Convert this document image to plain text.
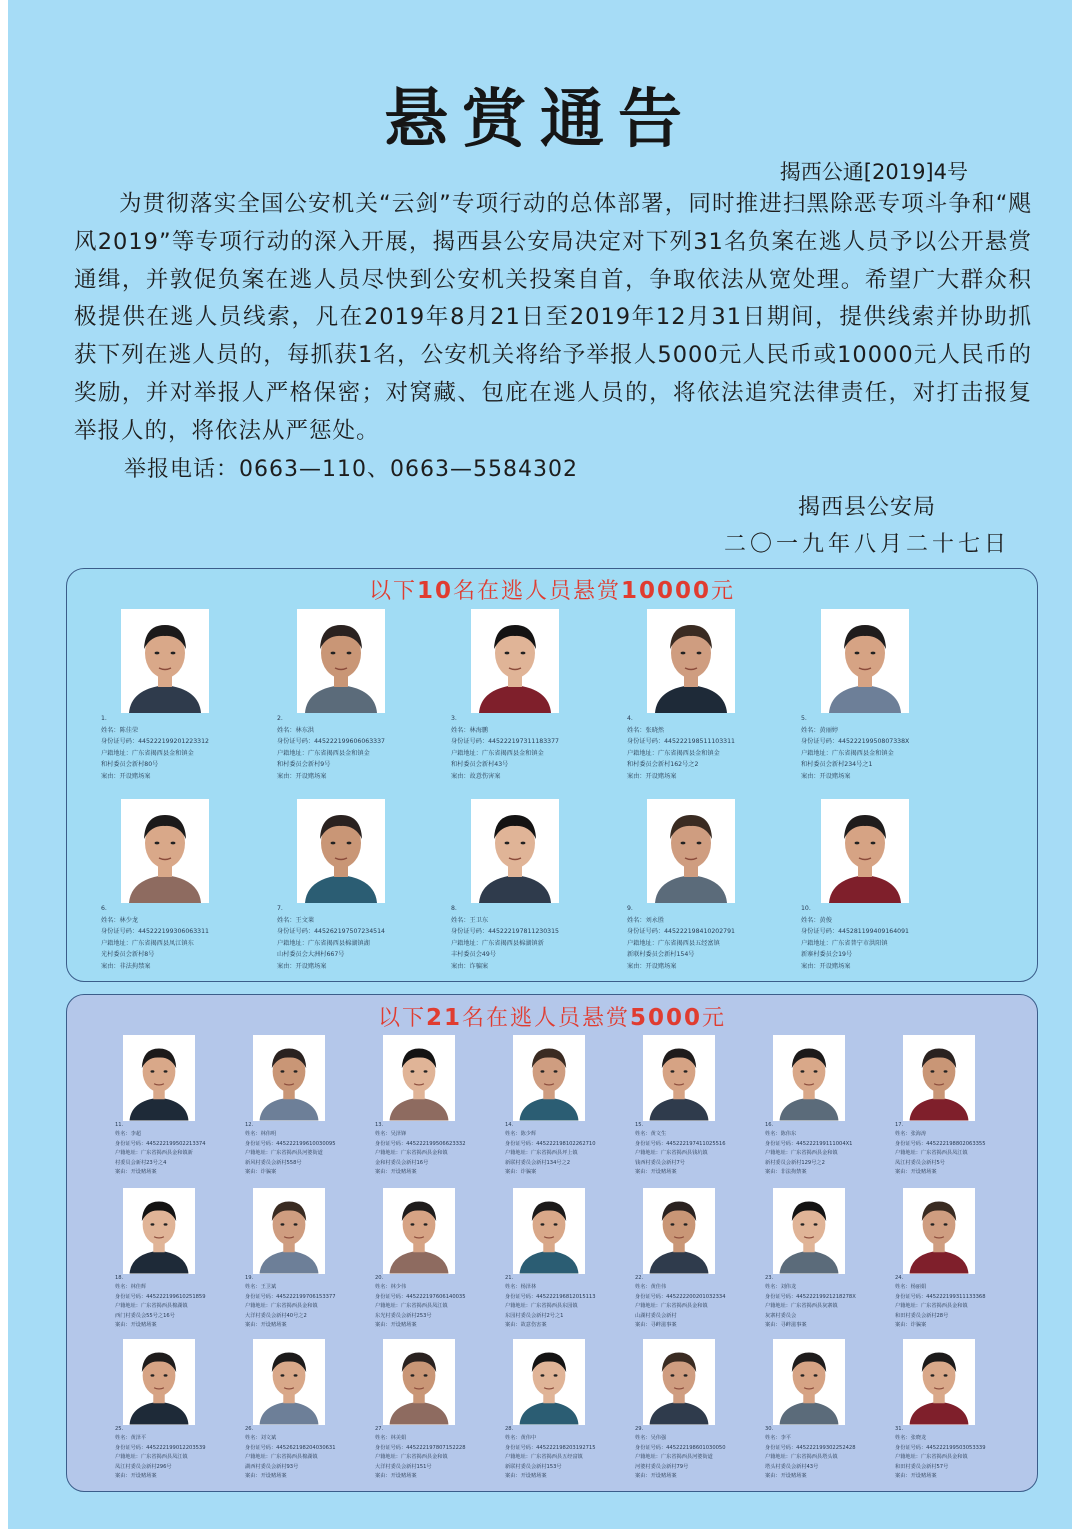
悬赏通告
揭西公通[2019]4号
为贯彻落实全国公安机关“云剑”专项行动的总体部署，同时推进扫黑除恶专项斗争和“飓风2019”等专项行动的深入开展，揭西县公安局决定对下列31名负案在逃人员予以公开悬赏通缉，并敦促负案在逃人员尽快到公安机关投案自首，争取依法从宽处理。希望广大群众积极提供在逃人员线索，凡在2019年8月21日至2019年12月31日期间，提供线索并协助抓获下列在逃人员的，每抓获1名，公安机关将给予举报人5000元人民币或10000元人民币的奖励，并对举报人严格保密；对窝藏、包庇在逃人员的，将依法追究法律责任，对打击报复举报人的，将依法从严惩处。
举报电话：0663—110、0663—5584302
揭西县公安局
二〇一九年八月二十七日
以下10名在逃人员悬赏10000元
1.
姓名：陈佳荣
身份证号码：445222199201223312
户籍地址：广东省揭西县金和镇金
和村委员会新村80号
案由：开设赌场案
2.
姓名：林东洪
身份证号码：445222199606063337
户籍地址：广东省揭西县金和镇金
和村委员会新村9号
案由：开设赌场案
3.
姓名：林海鹏
身份证号码：445222197311183377
户籍地址：广东省揭西县金和镇金
和村委员会新村43号
案由：故意伤害案
4.
姓名：张晓然
身份证号码：445222198511103311
户籍地址：广东省揭西县金和镇金
和村委员会新村162号之2
案由：开设赌场案
5.
姓名：黄丽婷
身份证号码：44522219950807338X
户籍地址：广东省揭西县金和镇金
和村委员会新村234号之1
案由：开设赌场案
6.
姓名：林少龙
身份证号码：445222199306063311
户籍地址：广东省揭西县凤江镇东
光村委员会新村8号
案由：非法拘禁案
7.
姓名：王文莱
身份证号码：445262197507234514
户籍地址：广东省揭西县棉湖镇湖
山村委员会大洲村667号
案由：开设赌场案
8.
姓名：王卫东
身份证号码：445222197811230315
户籍地址：广东省揭西县棉湖镇新
丰村委员会49号
案由：诈骗案
9.
姓名：刘永胜
身份证号码：445222198410202791
户籍地址：广东省揭西县五经富镇
新联村委员会新村154号
案由：开设赌场案
10.
姓名：黄俊
身份证号码：445281199409164091
户籍地址：广东省普宁市洪阳镇
新寨村委员会19号
案由：开设赌场案
以下21名在逃人员悬赏5000元
11.
姓名：李超
身份证号码：445222199502213374
户籍地址：广东省揭西县金和镇新
村委员会新村23号之4
案由：开设赌场案
12.
姓名：林伟明
身份证号码：445222199610030095
户籍地址：广东省揭西县河婆街道
新风村委员会新村558号
案由：诈骗案
13.
姓名：吴泽锋
身份证号码：445222199506623332
户籍地址：广东省揭西县金和镇
金和村委员会新村16号
案由：开设赌场案
14.
姓名：陈少辉
身份证号码：445222198102262710
户籍地址：广东省揭西县坪上镇
新联村委员会新村134号之2
案由：诈骗案
15.
姓名：黄文生
身份证号码：445222197411025516
户籍地址：广东省揭西县钱坑镇
钱西村委员会新村7号
案由：开设赌场案
16.
姓名：陈伟东
身份证号码：445222199111004X1
户籍地址：广东省揭西县金和镇
新村委员会新村129号之2
案由：非法拘禁案
17.
姓名：张海涛
身份证号码：445222198802063355
户籍地址：广东省揭西县凤江镇
凤江村委员会新村5号
案由：开设赌场案
18.
姓名：林佳辉
身份证号码：445222199610251859
户籍地址：广东省揭西县棉湖镇
西门村委员会55号之16号
案由：开设赌场案
19.
姓名：王卫斌
身份证号码：445222199706153377
户籍地址：广东省揭西县金和镇
大洋村委员会新村40号之2
案由：开设赌场案
20.
姓名：林少伟
身份证号码：445222197606140035
户籍地址：广东省揭西县凤江镇
东光村委员会新村253号
案由：开设赌场案
21.
姓名：杨泽林
身份证号码：445222196812015113
户籍地址：广东省揭西县东园镇
东园村委员会新村2号之1
案由：故意伤害案
22.
姓名：黄佳伟
身份证号码：445222200201032334
户籍地址：广东省揭西县金和镇
山湖村委员会新村
案由：寻衅滋事案
23.
姓名：刘伟龙
身份证号码：44522219921218278X
户籍地址：广东省揭西县灰寨镇
灰寨村委员会
案由：寻衅滋事案
24.
姓名：杨丽娟
身份证号码：445222199311133368
户籍地址：广东省揭西县金和镇
和田村委员会新村28号
案由：诈骗案
25.
姓名：黄泽平
身份证号码：445222199012203539
户籍地址：广东省揭西县凤江镇
凤江村委员会新村296号
案由：开设赌场案
26.
姓名：刘文斌
身份证号码：445262198204030631
户籍地址：广东省揭西县棉湖镇
湖西村委员会新村93号
案由：开设赌场案
27.
姓名：林美娟
身份证号码：445222197807152228
户籍地址：广东省揭西县金和镇
大洋村委员会新村151号
案由：开设赌场案
28.
姓名：黄伟中
身份证号码：445222198203192715
户籍地址：广东省揭西县五经富镇
新联村委员会新村153号
案由：开设赌场案
29.
姓名：吴伟强
身份证号码：445222198601030050
户籍地址：广东省揭西县河婆街道
河婆村委员会新村79号
案由：开设赌场案
30.
姓名：李平
身份证号码：445222199302252428
户籍地址：广东省揭西县塔头镇
塔头村委员会新村43号
案由：开设赌场案
31.
姓名：张晓龙
身份证号码：445222199503053339
户籍地址：广东省揭西县金和镇
和田村委员会新村57号
案由：开设赌场案
